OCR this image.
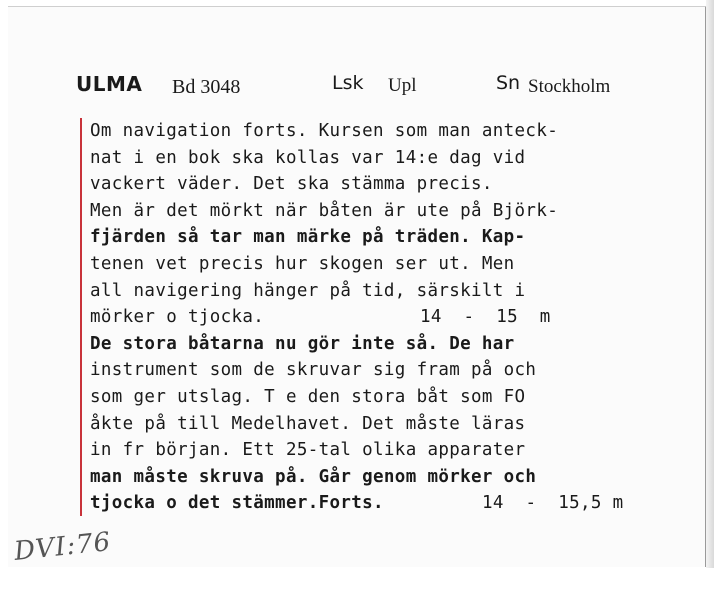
ULMA Bd 3048	Lsk Upl	Sn Stockholm
Om navigation forts. Kursen som man anteck-
nat i en bok ska kollas var 14:e dag vid
vackert väder. Det ska stämma precis.
Men är det mörkt när båten är ute på Björk-
fjärden så tar man märke på träden. Kap-
tenen vet precis hur skogen ser ut. Men
all navigering hänger på tid, särskilt i

mörker o tjocka.

	14  -  15  m

De stora båtarna nu gör inte så. De har
instrument som de skruvar sig fram på och
som ger utslag. T e den stora båt som FO
åkte på till Medelhavet. Det måste läras
in fr början. Ett 25-tal olika apparater
man måste skruva på. Går genom mörker och

tjocka o det stämmer.Forts.

	14  -  15,5 m

DVI:76
